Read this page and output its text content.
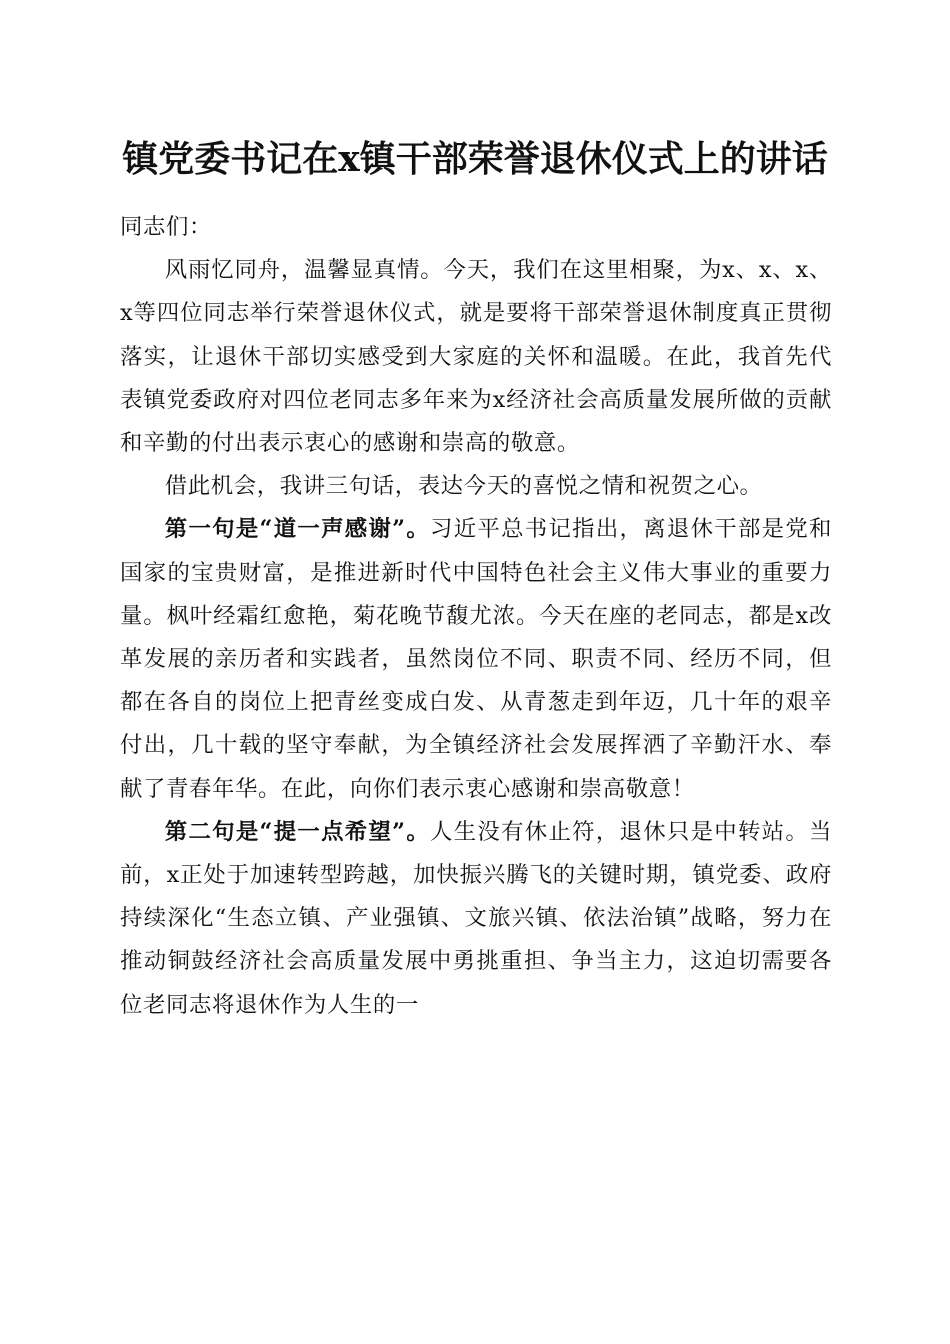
镇党委书记在x镇干部荣誉退休仪式上的讲话

同志们：

风雨忆同舟，温馨显真情。今天，我们在这里相聚，为x、x、x、x等四位同志举行荣誉退休仪式，就是要将干部荣誉退休制度真正贯彻落实，让退休干部切实感受到大家庭的关怀和温暖。在此，我首先代表镇党委政府对四位老同志多年来为x经济社会高质量发展所做的贡献和辛勤的付出表示衷心的感谢和崇高的敬意。

借此机会，我讲三句话，表达今天的喜悦之情和祝贺之心。

第一句是“道一声感谢”。习近平总书记指出，离退休干部是党和国家的宝贵财富，是推进新时代中国特色社会主义伟大事业的重要力量。枫叶经霜红愈艳，菊花晚节馥尤浓。今天在座的老同志，都是x改革发展的亲历者和实践者，虽然岗位不同、职责不同、经历不同，但都在各自的岗位上把青丝变成白发、从青葱走到年迈，几十年的艰辛付出，几十载的坚守奉献，为全镇经济社会发展挥洒了辛勤汗水、奉献了青春年华。在此，向你们表示衷心感谢和崇高敬意！

第二句是“提一点希望”。人生没有休止符，退休只是中转站。当前，x正处于加速转型跨越，加快振兴腾飞的关键时期，镇党委、政府持续深化“生态立镇、产业强镇、文旅兴镇、依法治镇”战略，努力在推动铜鼓经济社会高质量发展中勇挑重担、争当主力，这迫切需要各位老同志将退休作为人生的一
